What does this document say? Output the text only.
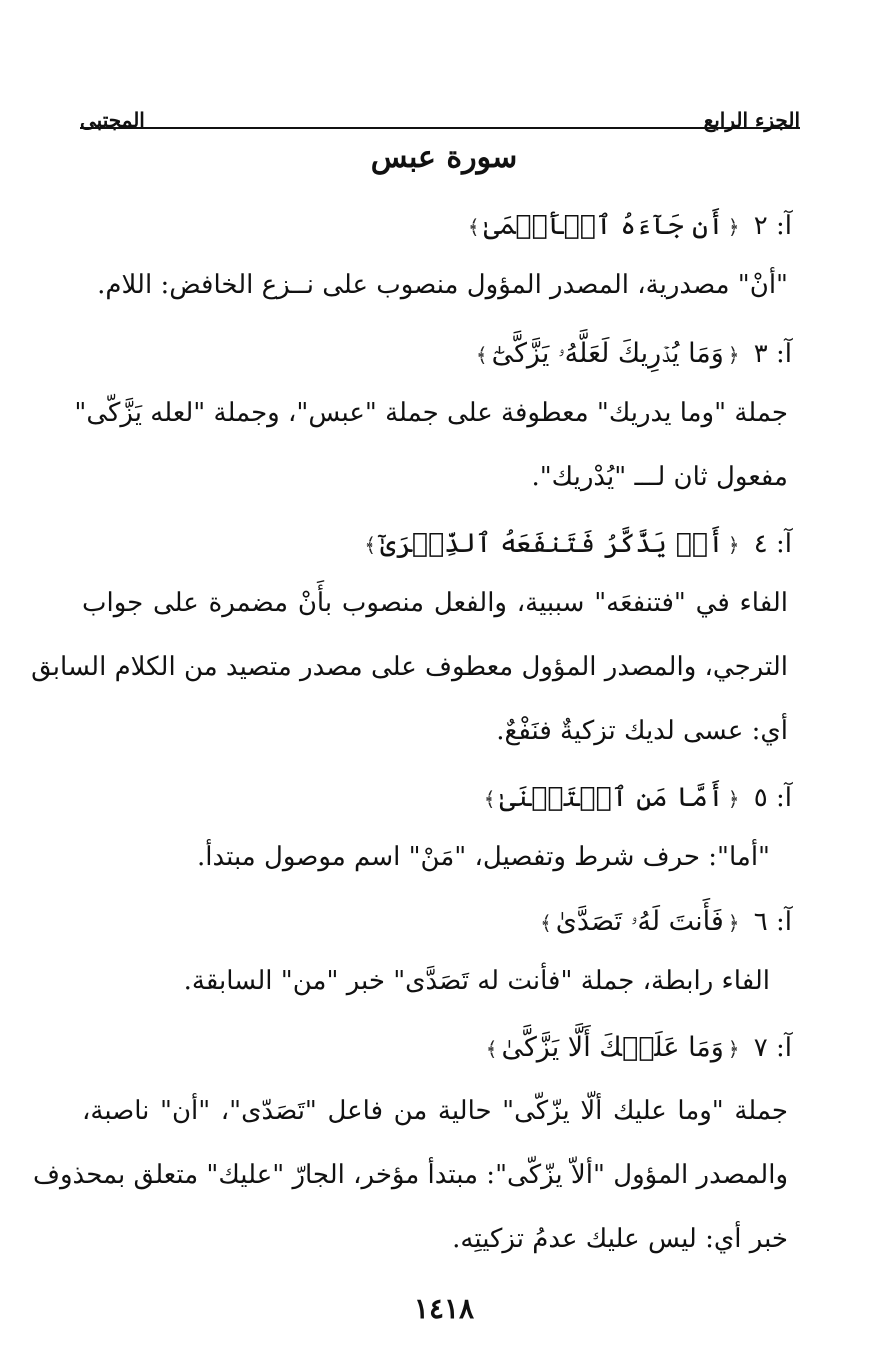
الجزء الرابع
المجتبى
سورة عبس
آ: ٢ ﴿أَن جَآءَهُ ٱلۡأَعۡمَىٰ﴾
"أنْ" مصدرية، المصدر المؤول منصوب على نــزع الخافض: اللام.
آ: ٣ ﴿وَمَا يُدۡرِيكَ لَعَلَّهُۥ يَزَّكَّىٰٓ﴾
جملة "وما يدريك" معطوفة على جملة "عبس"، وجملة "لعله يَزَّكّى"
مفعول ثان لـــ "يُدْريك".
آ: ٤ ﴿أَوۡ يَذَّكَّرُ فَتَنفَعَهُ ٱلذِّكۡرَىٰٓ﴾
الفاء في "فتنفعَه" سببية، والفعل منصوب بأَنْ مضمرة على جواب
الترجي، والمصدر المؤول معطوف على مصدر متصيد من الكلام السابق
أي: عسى لديك تزكيةٌ فنَفْعٌ.
آ: ٥ ﴿أَمَّا مَنِ ٱسۡتَغۡنَىٰ﴾
"أما": حرف شرط وتفصيل، "مَنْ" اسم موصول مبتدأ.
آ: ٦ ﴿فَأَنتَ لَهُۥ تَصَدَّىٰ﴾
الفاء رابطة، جملة "فأنت له تَصَدَّى" خبر "من" السابقة.
آ: ٧ ﴿وَمَا عَلَيۡكَ أَلَّا يَزَّكَّىٰ﴾
جملة "وما عليك ألّا يزّكّى" حالية من فاعل "تَصَدّى"، "أن" ناصبة،
والمصدر المؤول "ألاّ يزّكّى": مبتدأ مؤخر، الجارّ "عليك" متعلق بمحذوف
خبر أي: ليس عليك عدمُ تزكيتِه.
١٤١٨
